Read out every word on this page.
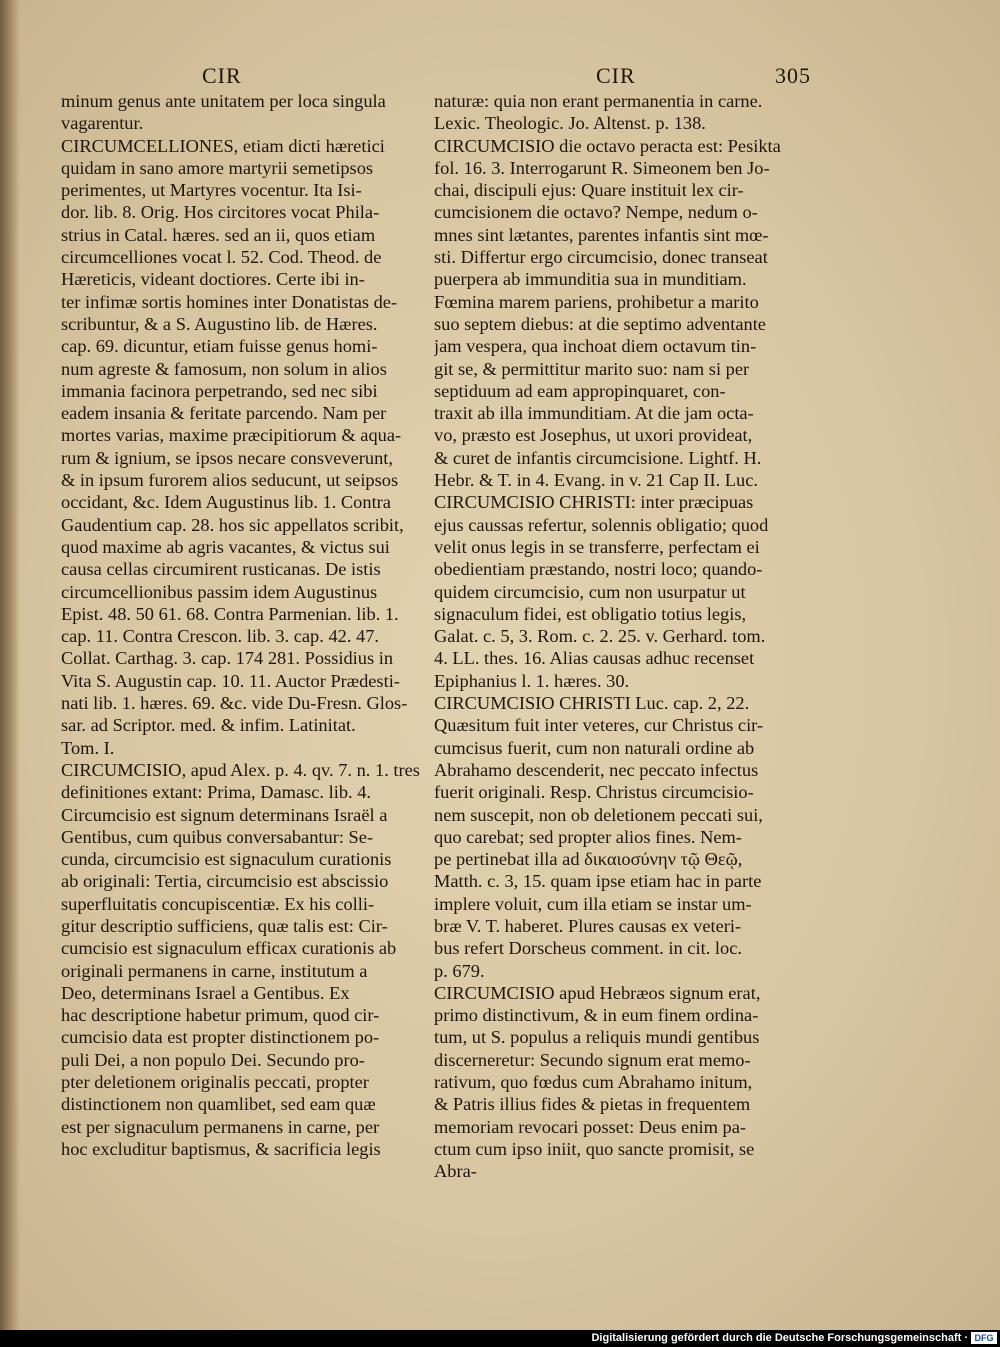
CIR	CIR	305
minum genus ante unitatem per loca singula
vagarentur.
CIRCUMCELLIONES, etiam dicti hæretici
quidam in sano amore martyrii semetipsos
perimentes, ut Martyres vocentur. Ita Isi-
dor. lib. 8. Orig. Hos circitores vocat Phila-
strius in Catal. hæres. sed an ii, quos etiam
circumcelliones vocat l. 52. Cod. Theod. de
Hæreticis, videant doctiores. Certe ibi in-
ter infimæ sortis homines inter Donatistas de-
scribuntur, & a S. Augustino lib. de Hæres.
cap. 69. dicuntur, etiam fuisse genus homi-
num agreste & famosum, non solum in alios
immania facinora perpetrando, sed nec sibi
eadem insania & feritate parcendo. Nam per
mortes varias, maxime præcipitiorum & aqua-
rum & ignium, se ipsos necare consveverunt,
& in ipsum furorem alios seducunt, ut seipsos
occidant, &c. Idem Augustinus lib. 1. Contra
Gaudentium cap. 28. hos sic appellatos scribit,
quod maxime ab agris vacantes, & victus sui
causa cellas circumirent rusticanas. De istis
circumcellionibus passim idem Augustinus
Epist. 48. 50 61. 68. Contra Parmenian. lib. 1.
cap. 11. Contra Crescon. lib. 3. cap. 42. 47.
Collat. Carthag. 3. cap. 174 281. Possidius in
Vita S. Augustin cap. 10. 11. Auctor Prædesti-
nati lib. 1. hæres. 69. &c. vide Du-Fresn. Glos-
sar. ad Scriptor. med. & infim. Latinitat.
Tom. I.
CIRCUMCISIO, apud Alex. p. 4. qv. 7. n. 1. tres
definitiones extant: Prima, Damasc. lib. 4.
Circumcisio est signum determinans Israël a
Gentibus, cum quibus conversabantur: Se-
cunda, circumcisio est signaculum curationis
ab originali: Tertia, circumcisio est abscissio
superfluitatis concupiscentiæ. Ex his colli-
gitur descriptio sufficiens, quæ talis est: Cir-
cumcisio est signaculum efficax curationis ab
originali permanens in carne, institutum a
Deo, determinans Israel a Gentibus. Ex
hac descriptione habetur primum, quod cir-
cumcisio data est propter distinctionem po-
puli Dei, a non populo Dei. Secundo pro-
pter deletionem originalis peccati, propter
distinctionem non quamlibet, sed eam quæ
est per signaculum permanens in carne, per
hoc excluditur baptismus, & sacrificia legis
naturæ: quia non erant permanentia in carne.
Lexic. Theologic. Jo. Altenst. p. 138.
CIRCUMCISIO die octavo peracta est: Pesikta
fol. 16. 3. Interrogarunt R. Simeonem ben Jo-
chai, discipuli ejus: Quare instituit lex cir-
cumcisionem die octavo? Nempe, nedum o-
mnes sint lætantes, parentes infantis sint mœ-
sti. Differtur ergo circumcisio, donec transeat
puerpera ab immunditia sua in munditiam.
Fœmina marem pariens, prohibetur a marito
suo septem diebus: at die septimo adventante
jam vespera, qua inchoat diem octavum tin-
git se, & permittitur marito suo: nam si per
septiduum ad eam appropinquaret, con-
traxit ab illa immunditiam. At die jam octa-
vo, præsto est Josephus, ut uxori provideat,
& curet de infantis circumcisione. Lightf. H.
Hebr. & T. in 4. Evang. in v. 21 Cap II. Luc.
CIRCUMCISIO CHRISTI: inter præcipuas
ejus caussas refertur, solennis obligatio; quod
velit onus legis in se transferre, perfectam ei
obedientiam præstando, nostri loco; quando-
quidem circumcisio, cum non usurpatur ut
signaculum fidei, est obligatio totius legis,
Galat. c. 5, 3. Rom. c. 2. 25. v. Gerhard. tom.
4. LL. thes. 16. Alias causas adhuc recenset
Epiphanius l. 1. hæres. 30.
CIRCUMCISIO CHRISTI Luc. cap. 2, 22.
Quæsitum fuit inter veteres, cur Christus cir-
cumcisus fuerit, cum non naturali ordine ab
Abrahamo descenderit, nec peccato infectus
fuerit originali. Resp. Christus circumcisio-
nem suscepit, non ob deletionem peccati sui,
quo carebat; sed propter alios fines. Nem-
pe pertinebat illa ad δικαιοσύνην τῷ Θεῷ,
Matth. c. 3, 15. quam ipse etiam hac in parte
implere voluit, cum illa etiam se instar um-
bræ V. T. haberet. Plures causas ex veteri-
bus refert Dorscheus comment. in cit. loc.
p. 679.
CIRCUMCISIO apud Hebræos signum erat,
primo distinctivum, & in eum finem ordina-
tum, ut S. populus a reliquis mundi gentibus
discerneretur: Secundo signum erat memo-
rativum, quo fœdus cum Abrahamo initum,
& Patris illius fides & pietas in frequentem
memoriam revocari posset: Deus enim pa-
ctum cum ipso iniit, quo sancte promisit, se
Abra-
Digitalisierung gefördert durch die Deutsche Forschungsgemeinschaft · DFG
